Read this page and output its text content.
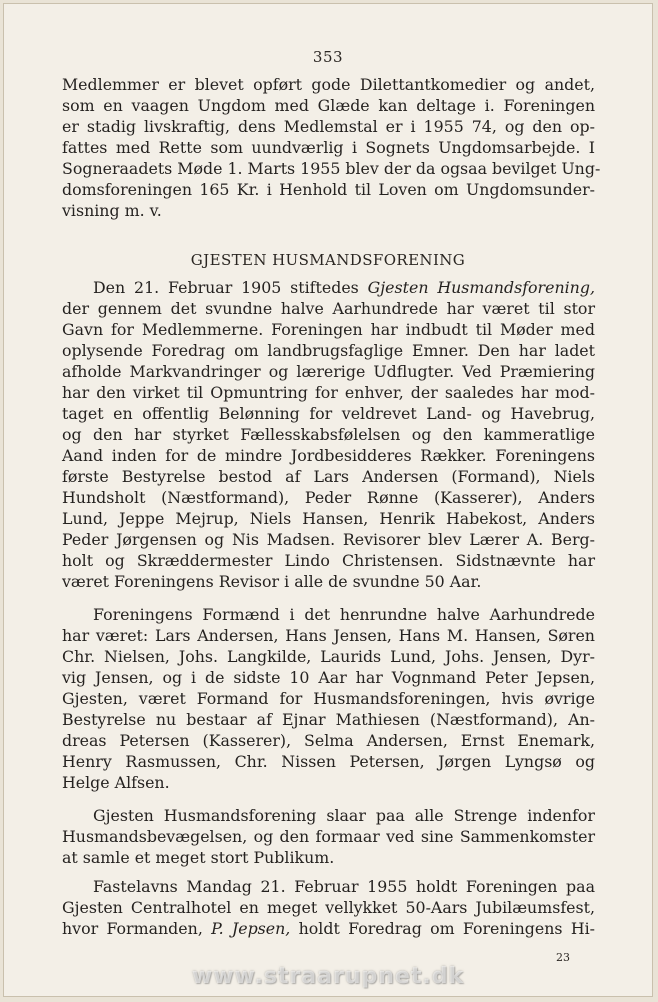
353
Medlemmer er blevet opført gode Dilettantkomedier og andet,
som en vaagen Ungdom med Glæde kan deltage i. Foreningen
er stadig livskraftig, dens Medlemstal er i 1955 74, og den op-
fattes med Rette som uundværlig i Sognets Ungdomsarbejde. I
Sogneraadets Møde 1. Marts 1955 blev der da ogsaa bevilget Ung-
domsforeningen 165 Kr. i Henhold til Loven om Ungdomsunder-
visning m. v.
GJESTEN HUSMANDSFORENING
Den 21. Februar 1905 stiftedes Gjesten Husmandsforening,
der gennem det svundne halve Aarhundrede har været til stor
Gavn for Medlemmerne. Foreningen har indbudt til Møder med
oplysende Foredrag om landbrugsfaglige Emner. Den har ladet
afholde Markvandringer og lærerige Udflugter. Ved Præmiering
har den virket til Opmuntring for enhver, der saaledes har mod-
taget en offentlig Belønning for veldrevet Land- og Havebrug,
og den har styrket Fællesskabsfølelsen og den kammeratlige
Aand inden for de mindre Jordbesidderes Rækker. Foreningens
første Bestyrelse bestod af Lars Andersen (Formand), Niels
Hundsholt (Næstformand), Peder Rønne (Kasserer), Anders
Lund, Jeppe Mejrup, Niels Hansen, Henrik Habekost, Anders
Peder Jørgensen og Nis Madsen. Revisorer blev Lærer A. Berg-
holt og Skræddermester Lindo Christensen. Sidstnævnte har
været Foreningens Revisor i alle de svundne 50 Aar.
Foreningens Formænd i det henrundne halve Aarhundrede
har været: Lars Andersen, Hans Jensen, Hans M. Hansen, Søren
Chr. Nielsen, Johs. Langkilde, Laurids Lund, Johs. Jensen, Dyr-
vig Jensen, og i de sidste 10 Aar har Vognmand Peter Jepsen,
Gjesten, været Formand for Husmandsforeningen, hvis øvrige
Bestyrelse nu bestaar af Ejnar Mathiesen (Næstformand), An-
dreas Petersen (Kasserer), Selma Andersen, Ernst Enemark,
Henry Rasmussen, Chr. Nissen Petersen, Jørgen Lyngsø og
Helge Alfsen.
Gjesten Husmandsforening slaar paa alle Strenge indenfor
Husmandsbevægelsen, og den formaar ved sine Sammenkomster
at samle et meget stort Publikum.
Fastelavns Mandag 21. Februar 1955 holdt Foreningen paa
Gjesten Centralhotel en meget vellykket 50-Aars Jubilæumsfest,
hvor Formanden, P. Jepsen, holdt Foredrag om Foreningens Hi-
23
www.straarupnet.dk
